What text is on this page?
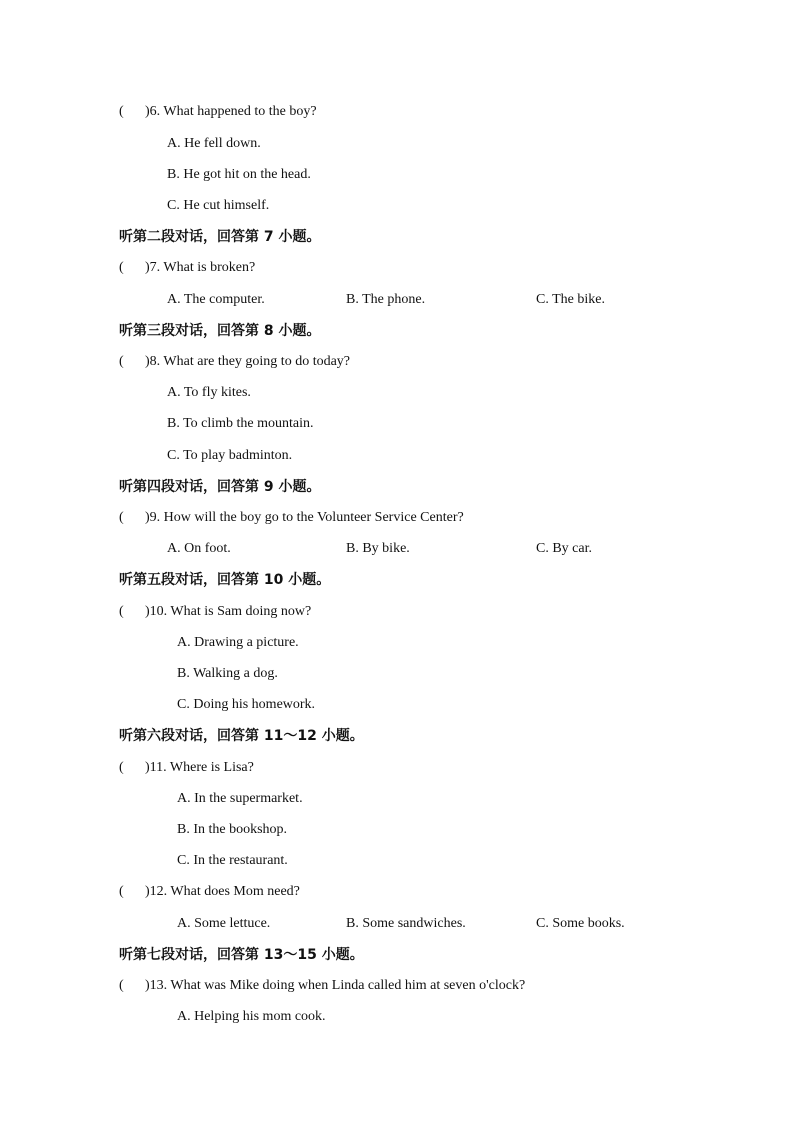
( )6. What happened to the boy?
A. He fell down.
B. He got hit on the head.
C. He cut himself.
听第二段对话，回答第 7 小题。
( )7. What is broken?
A. The computer.	B. The phone.	C. The bike.
听第三段对话，回答第 8 小题。
( )8. What are they going to do today?
A. To fly kites.
B. To climb the mountain.
C. To play badminton.
听第四段对话，回答第 9 小题。
( )9. How will the boy go to the Volunteer Service Center?
A. On foot.	B. By bike.	C. By car.
听第五段对话，回答第 10 小题。
( )10. What is Sam doing now?
A. Drawing a picture.
B. Walking a dog.
C. Doing his homework.
听第六段对话，回答第 11～12 小题。
( )11. Where is Lisa?
A. In the supermarket.
B. In the bookshop.
C. In the restaurant.
( )12. What does Mom need?
A. Some lettuce.	B. Some sandwiches.	C. Some books.
听第七段对话，回答第 13～15 小题。
( )13. What was Mike doing when Linda called him at seven o'clock?
A. Helping his mom cook.
